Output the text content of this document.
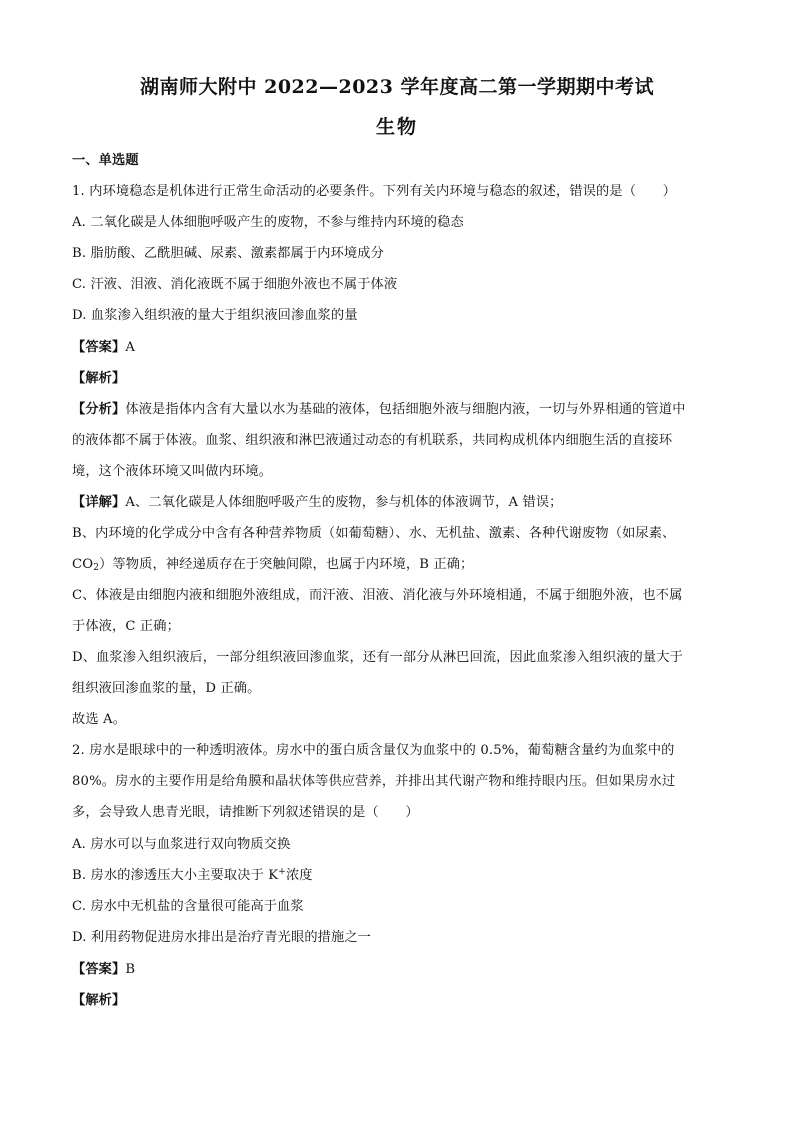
湖南师大附中 2022—2023 学年度高二第一学期期中考试
生物
一、单选题
1. 内环境稳态是机体进行正常生命活动的必要条件。下列有关内环境与稳态的叙述，错误的是（　　）
A. 二氧化碳是人体细胞呼吸产生的废物，不参与维持内环境的稳态
B. 脂肪酸、乙酰胆碱、尿素、激素都属于内环境成分
C. 汗液、泪液、消化液既不属于细胞外液也不属于体液
D. 血浆渗入组织液的量大于组织液回渗血浆的量
【答案】A
【解析】
【分析】体液是指体内含有大量以水为基础的液体，包括细胞外液与细胞内液，一切与外界相通的管道中
的液体都不属于体液。血浆、组织液和淋巴液通过动态的有机联系，共同构成机体内细胞生活的直接环
境，这个液体环境又叫做内环境。
【详解】A、二氧化碳是人体细胞呼吸产生的废物，参与机体的体液调节，A 错误；
B、内环境的化学成分中含有各种营养物质（如葡萄糖）、水、无机盐、激素、各种代谢废物（如尿素、
$CO_2$）等物质，神经递质存在于突触间隙，也属于内环境，B 正确；
C、体液是由细胞内液和细胞外液组成，而汗液、泪液、消化液与外环境相通，不属于细胞外液，也不属
于体液，C 正确；
D、血浆渗入组织液后，一部分组织液回渗血浆，还有一部分从淋巴回流，因此血浆渗入组织液的量大于
组织液回渗血浆的量，D 正确。
故选 A。
2. 房水是眼球中的一种透明液体。房水中的蛋白质含量仅为血浆中的 0.5%，葡萄糖含量约为血浆中的
80%。房水的主要作用是给角膜和晶状体等供应营养，并排出其代谢产物和维持眼内压。但如果房水过
多，会导致人患青光眼，请推断下列叙述错误的是（　　）
A. 房水可以与血浆进行双向物质交换
B. 房水的渗透压大小主要取决于 K+浓度
C. 房水中无机盐的含量很可能高于血浆
D. 利用药物促进房水排出是治疗青光眼的措施之一
【答案】B
【解析】
